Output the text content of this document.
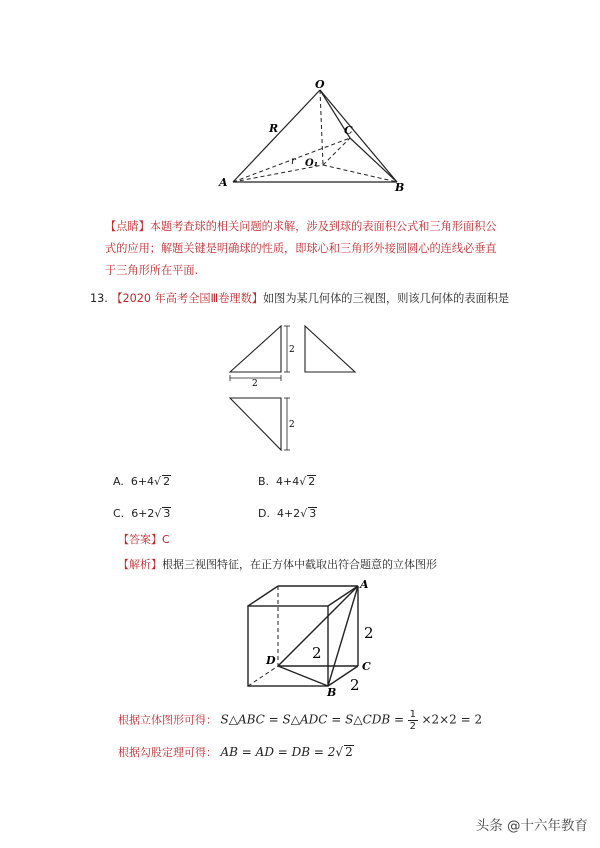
O
R	C
r O₁
A	B
【点睛】本题考查球的相关问题的求解，涉及到球的表面积公式和三角形面积公式的应用；解题关键是明确球的性质，即球心和三角形外接圆圆心的连线必垂直于三角形所在平面.
13. 【2020 年高考全国Ⅲ卷理数】如图为某几何体的三视图，则该几何体的表面积是
2
2
2
A. 6+4√ 2	B. 4+4√ 2
C. 6+2√ 3	D. 4+2√ 3
【答案】C
【解析】根据三视图特征，在正方体中截取出符合题意的立体图形
A
D	C
B
2
2
2
根据立体图形可得： S△ABC = S△ADC = S△CDB = $\frac{1}{2} \times 2\times 2 = 2$
根据勾股定理可得： AB = AD = DB = 2√ 2
头条 @十六年教育
